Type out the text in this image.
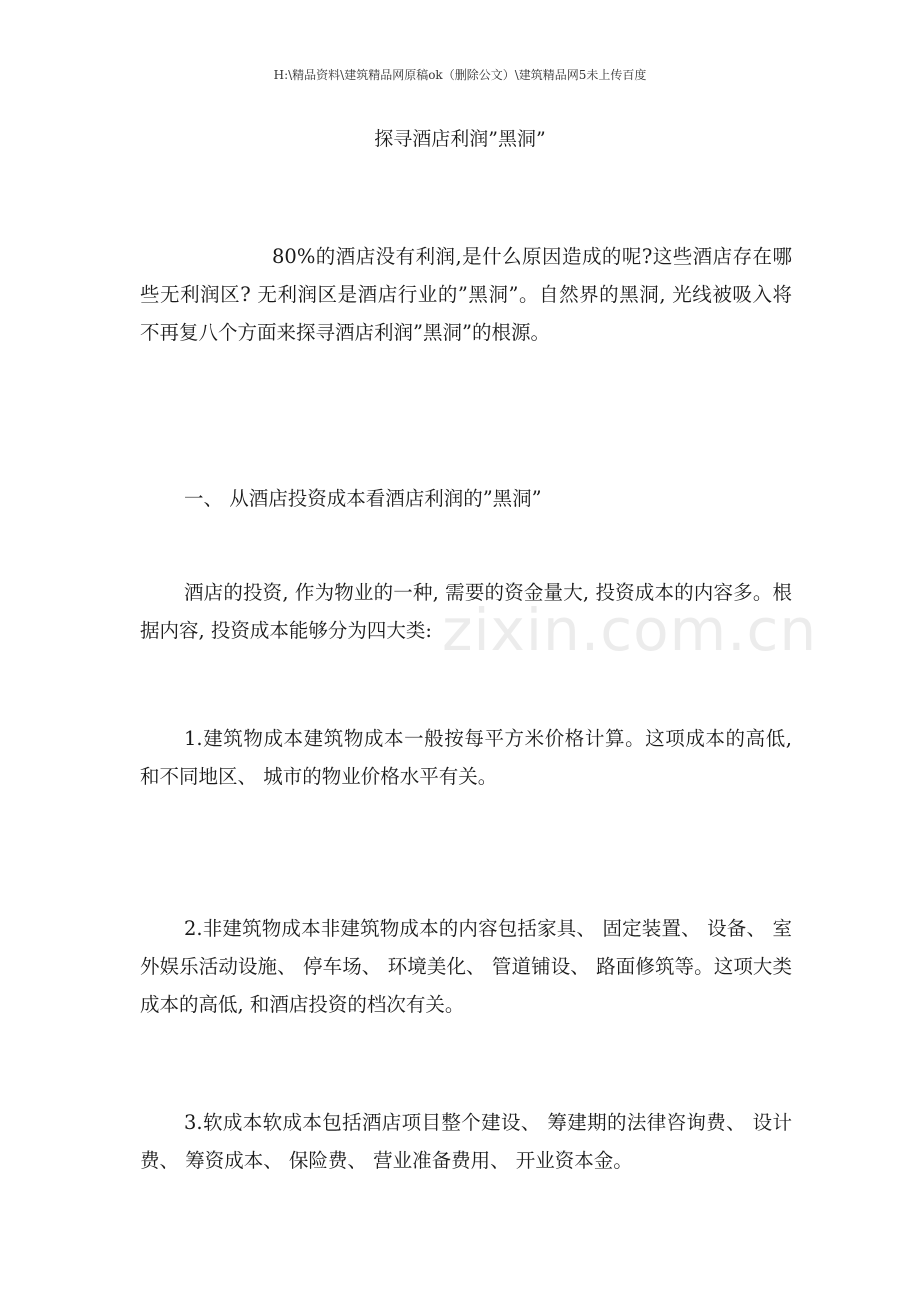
H:\精品资料\建筑精品网原稿ok（删除公文）\建筑精品网5未上传百度
探寻酒店利润”黑洞”

80%的酒店没有利润,是什么原因造成的呢?这些酒店存在哪些无利润区? 无利润区是酒店行业的”黑洞”。自然界的黑洞, 光线被吸入将不再复八个方面来探寻酒店利润”黑洞”的根源。

一、 从酒店投资成本看酒店利润的”黑洞”

酒店的投资, 作为物业的一种, 需要的资金量大, 投资成本的内容多。根据内容, 投资成本能够分为四大类:

1.建筑物成本建筑物成本一般按每平方米价格计算。这项成本的高低, 和不同地区、 城市的物业价格水平有关。

2.非建筑物成本非建筑物成本的内容包括家具、 固定装置、 设备、 室外娱乐活动设施、 停车场、 环境美化、 管道铺设、 路面修筑等。这项大类成本的高低, 和酒店投资的档次有关。

3.软成本软成本包括酒店项目整个建设、 筹建期的法律咨询费、 设计费、 筹资成本、 保险费、 营业准备费用、 开业资本金。

zixin.com.cn
